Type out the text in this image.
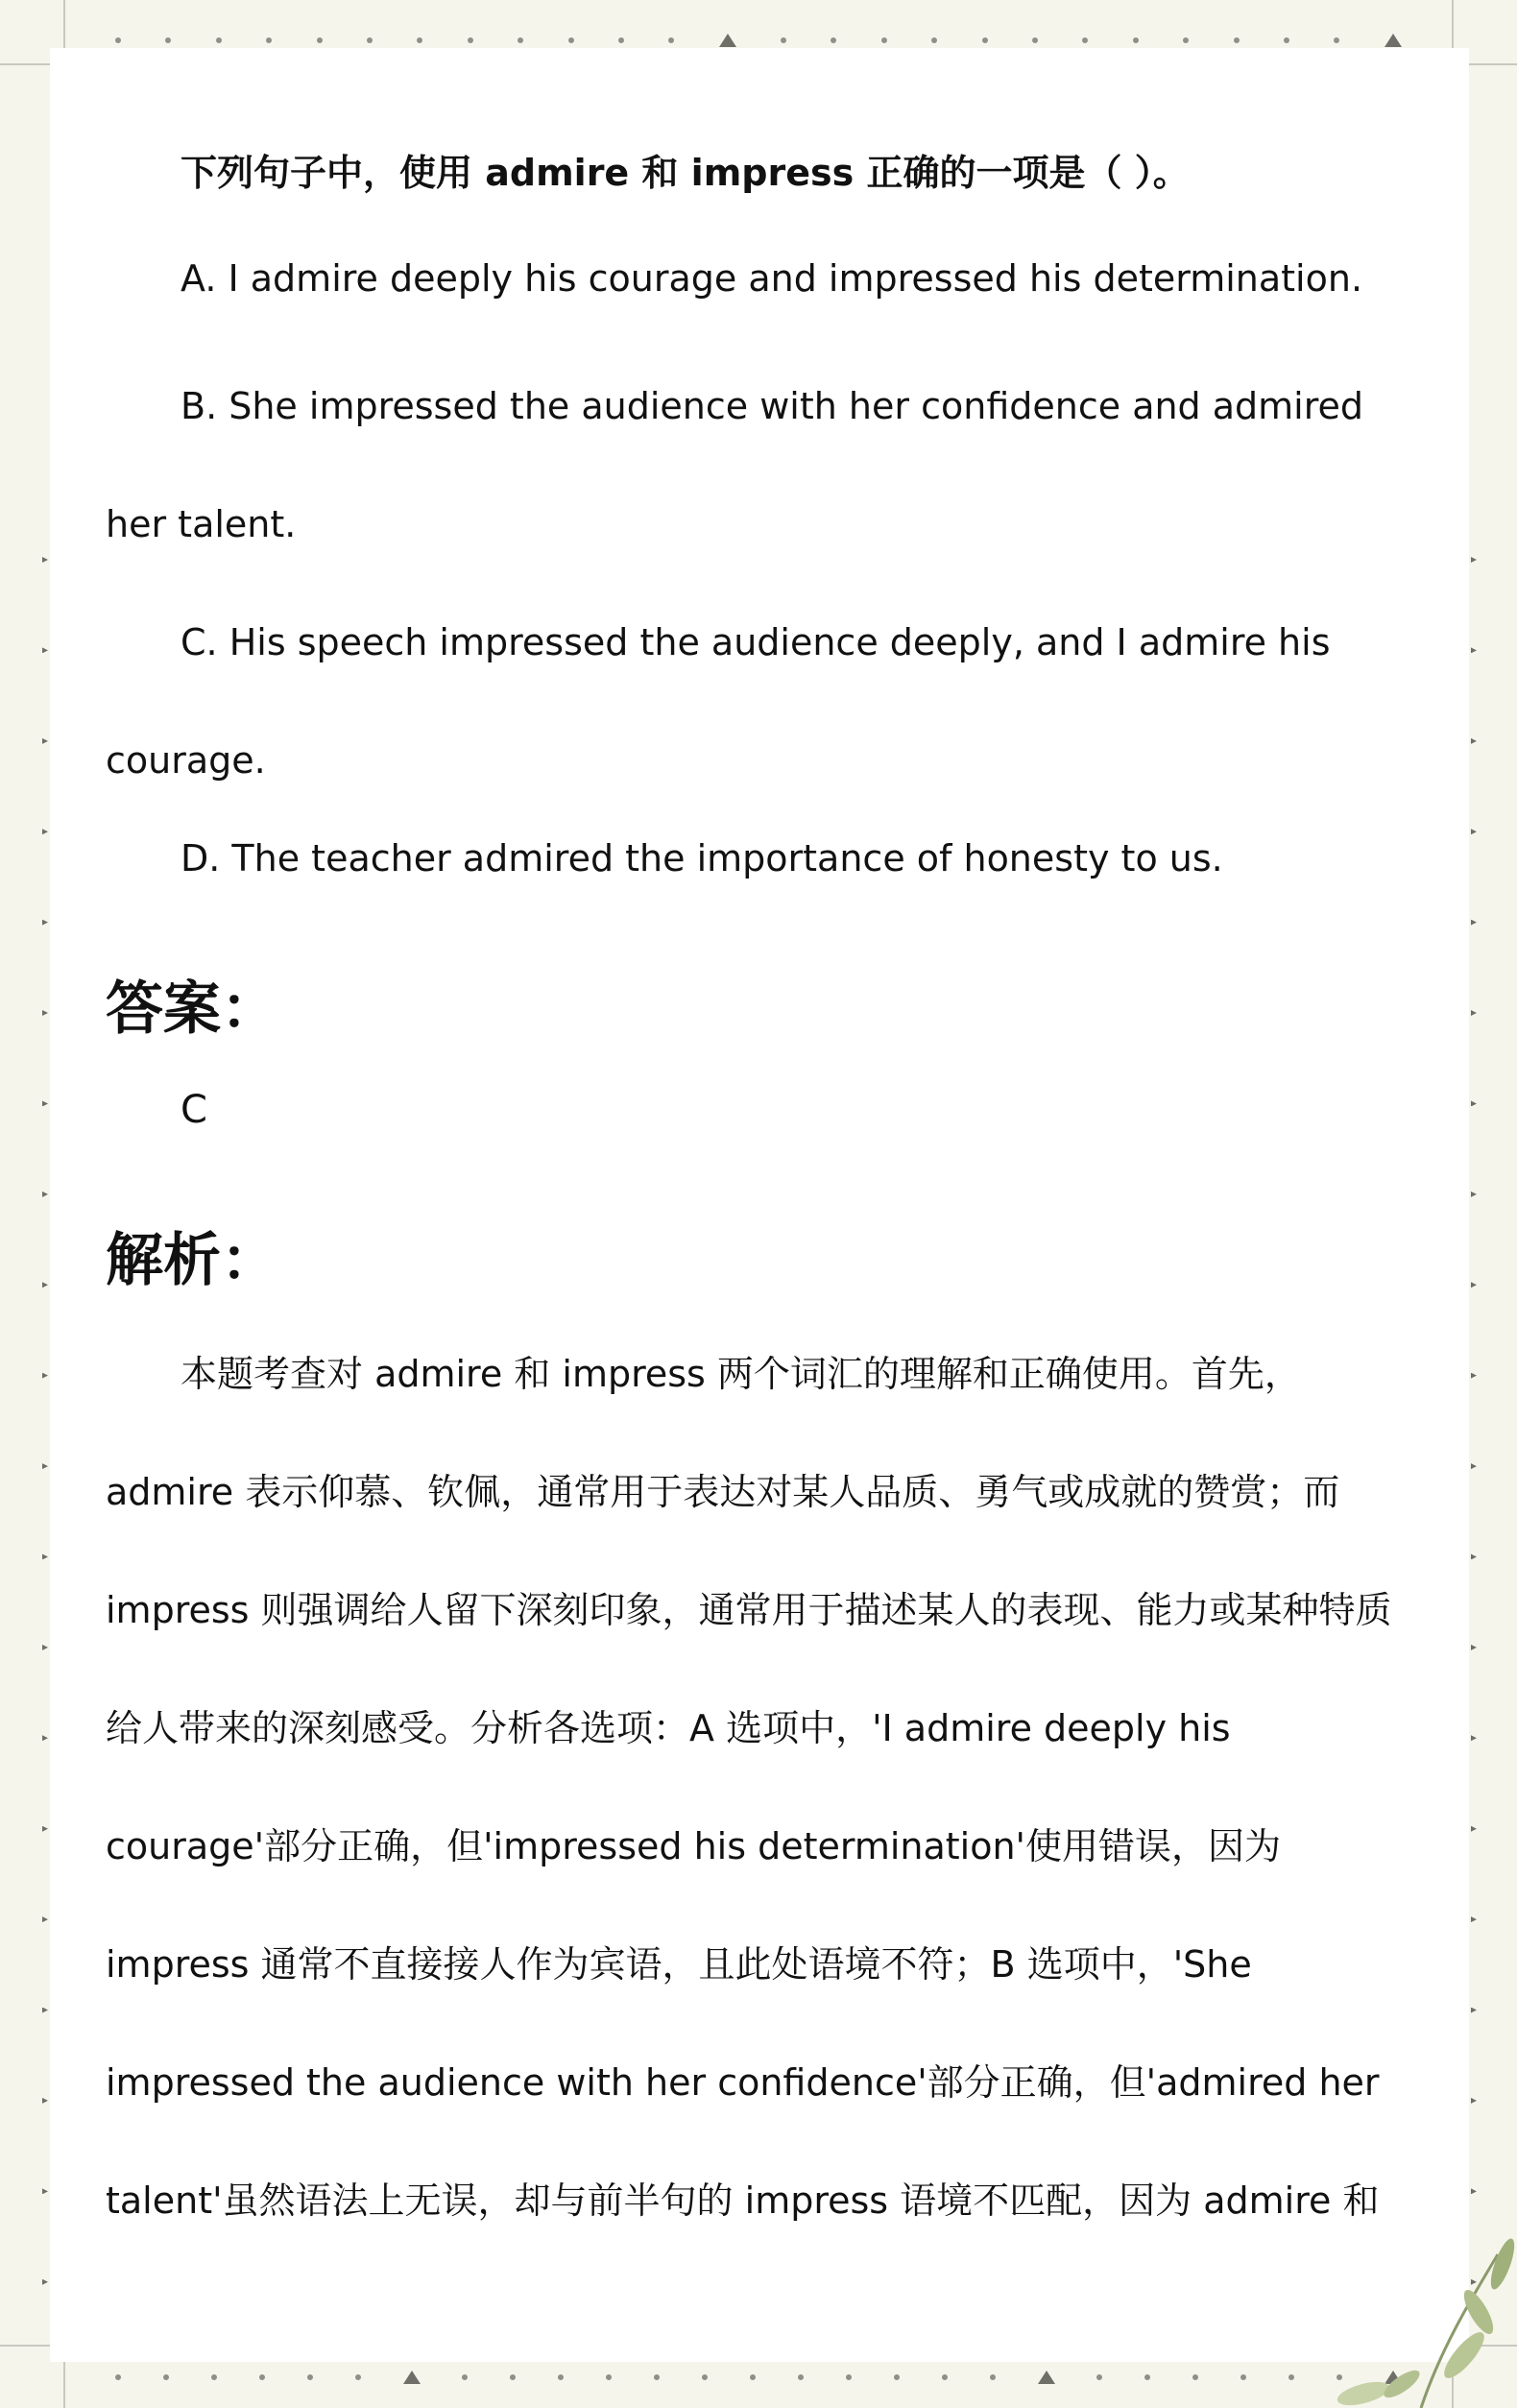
下列句子中，使用 admire 和 impress 正确的一项是（ ）。

A. I admire deeply his courage and impressed his determination.

B. She impressed the audience with her confidence and admired her talent.

C. His speech impressed the audience deeply, and I admire his courage.

D. The teacher admired the importance of honesty to us.

答案：

C

解析：

本题考查对 admire 和 impress 两个词汇的理解和正确使用。首先，admire 表示仰慕、钦佩，通常用于表达对某人品质、勇气或成就的赞赏；而 impress 则强调给人留下深刻印象，通常用于描述某人的表现、能力或某种特质给人带来的深刻感受。分析各选项：A 选项中，'I admire deeply his courage'部分正确，但'impressed his determination'使用错误，因为 impress 通常不直接接人作为宾语，且此处语境不符；B 选项中，'She impressed the audience with her confidence'部分正确，但'admired her talent'虽然语法上无误，却与前半句的 impress 语境不匹配，因为 admire 和
